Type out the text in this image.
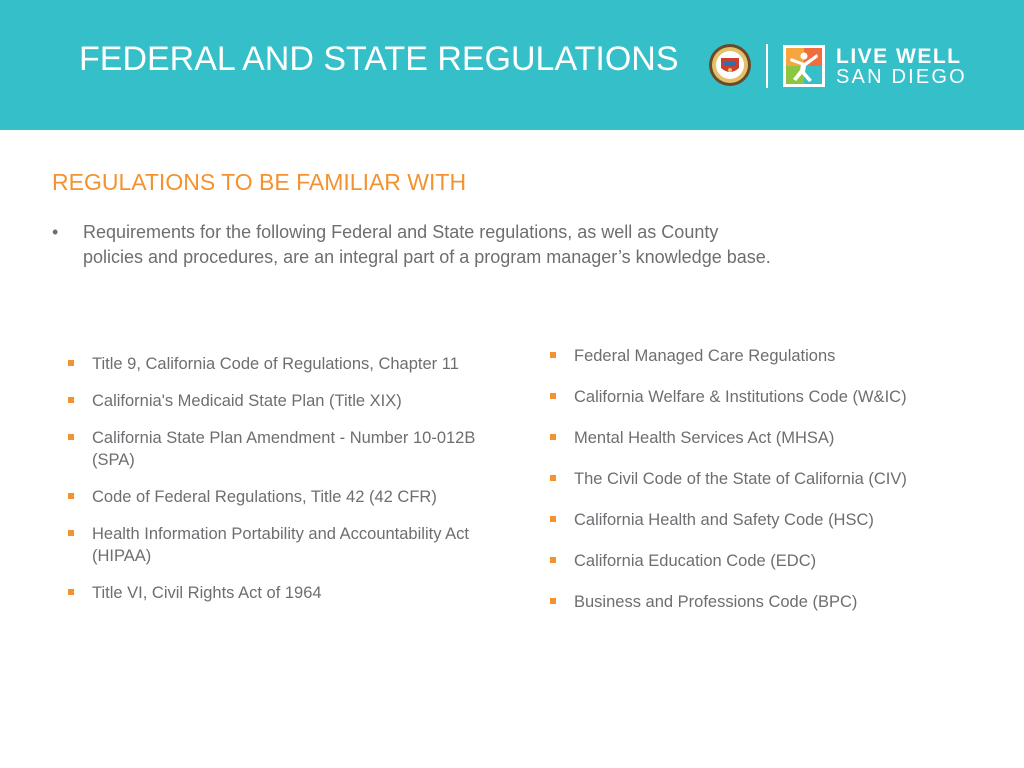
FEDERAL AND STATE REGULATIONS	LIVE WELL
SAN DIEGO
REGULATIONS TO BE FAMILIAR WITH
•	Requirements for the following Federal and State regulations, as well as County policies and procedures, are an integral part of a program manager’s knowledge base.
Title 9, California Code of Regulations, Chapter 11
California's Medicaid State Plan (Title XIX)
California State Plan Amendment - Number 10-012B (SPA)
Code of Federal Regulations, Title 42 (42 CFR)
Health Information Portability and Accountability Act (HIPAA)
Title VI, Civil Rights Act of 1964
Federal Managed Care Regulations
California Welfare & Institutions Code (W&IC)
Mental Health Services Act (MHSA)
The Civil Code of the State of California (CIV)
California Health and Safety Code (HSC)
California Education Code (EDC)
Business and Professions Code (BPC)
